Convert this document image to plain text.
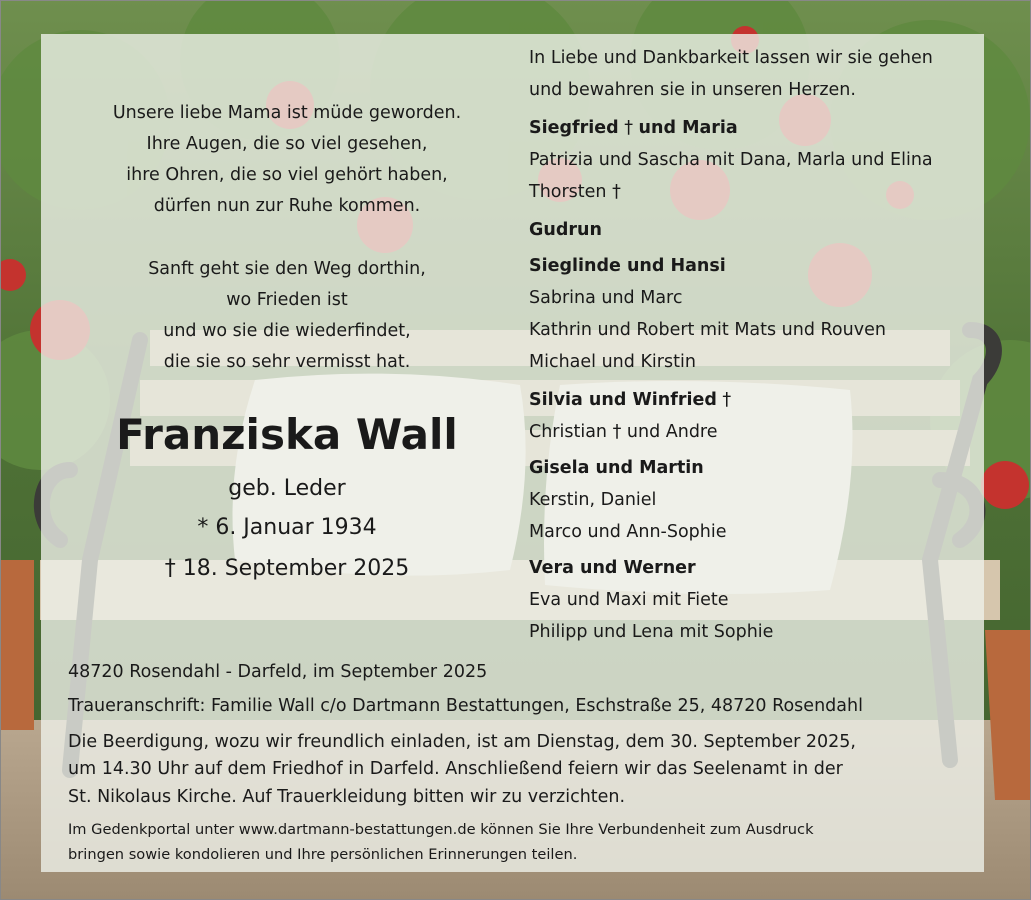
Unsere liebe Mama ist müde geworden.
Ihre Augen, die so viel gesehen,
ihre Ohren, die so viel gehört haben,
dürfen nun zur Ruhe kommen.
Sanft geht sie den Weg dorthin,
wo Frieden ist
und wo sie die wiederfindet,
die sie so sehr vermisst hat.
Franziska Wall
geb. Leder
* 6. Januar 1934
† 18. September 2025
In Liebe und Dankbarkeit lassen wir sie gehen
und bewahren sie in unseren Herzen.
Siegfried † und Maria
Patrizia und Sascha mit Dana, Marla und Elina
Thorsten †
Gudrun
Sieglinde und Hansi
Sabrina und Marc
Kathrin und Robert mit Mats und Rouven
Michael und Kirstin
Silvia und Winfried †
Christian † und Andre
Gisela und Martin
Kerstin, Daniel
Marco und Ann-Sophie
Vera und Werner
Eva und Maxi mit Fiete
Philipp und Lena mit Sophie
48720 Rosendahl - Darfeld, im September 2025
Traueranschrift: Familie Wall c/o Dartmann Bestattungen, Eschstraße 25, 48720 Rosendahl
Die Beerdigung, wozu wir freundlich einladen, ist am Dienstag, dem 30. September 2025,
um 14.30 Uhr auf dem Friedhof in Darfeld. Anschließend feiern wir das Seelenamt in der
St. Nikolaus Kirche. Auf Trauerkleidung bitten wir zu verzichten.
Im Gedenkportal unter www.dartmann-bestattungen.de können Sie Ihre Verbundenheit zum Ausdruck
bringen sowie kondolieren und Ihre persönlichen Erinnerungen teilen.
